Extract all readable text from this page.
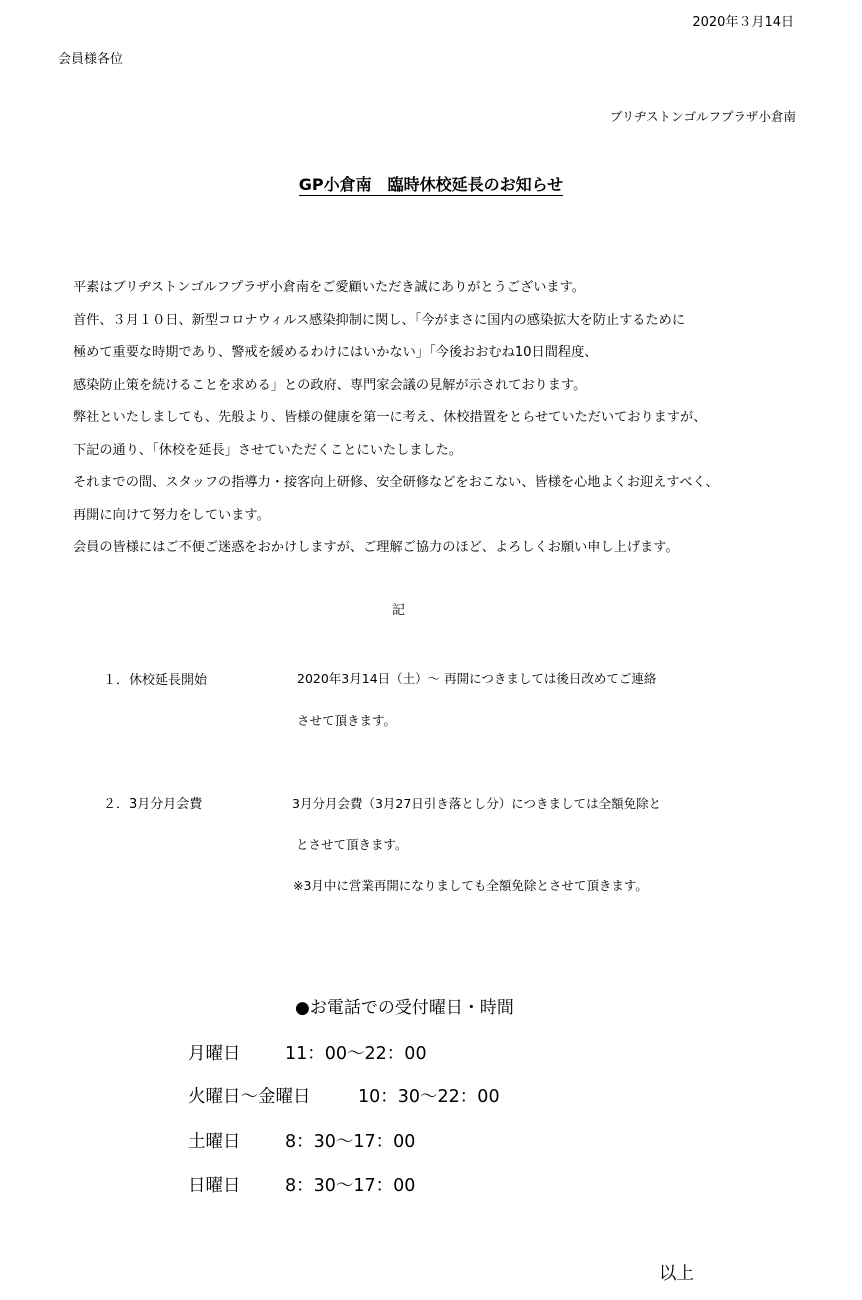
2020年３月14日
会員様各位
ブリヂストンゴルフプラザ小倉南
GP小倉南　臨時休校延長のお知らせ
平素はブリヂストンゴルフプラザ小倉南をご愛顧いただき誠にありがとうございます。
首件、３月１０日、新型コロナウィルス感染抑制に関し、「今がまさに国内の感染拡大を防止するために
極めて重要な時期であり、警戒を緩めるわけにはいかない」「今後おおむね10日間程度、
感染防止策を続けることを求める」との政府、専門家会議の見解が示されております。
弊社といたしましても、先般より、皆様の健康を第一に考え、休校措置をとらせていただいておりますが、
下記の通り、「休校を延長」させていただくことにいたしました。
それまでの間、スタッフの指導力・接客向上研修、安全研修などをおこない、皆様を心地よくお迎えすべく、
再開に向けて努力をしています。
会員の皆様にはご不便ご迷惑をおかけしますが、ご理解ご協力のほど、よろしくお願い申し上げます。
記
１．休校延長開始	2020年3月14日（土）～ 再開につきましては後日改めてご連絡
させて頂きます。
２．3月分月会費	3月分月会費（3月27日引き落とし分）につきましては全額免除と
とさせて頂きます。
※3月中に営業再開になりましても全額免除とさせて頂きます。
●お電話での受付曜日・時間
月曜日	11：00～22：00
火曜日～金曜日	10：30～22：00
土曜日	8：30～17：00
日曜日	8：30～17：00
以上
